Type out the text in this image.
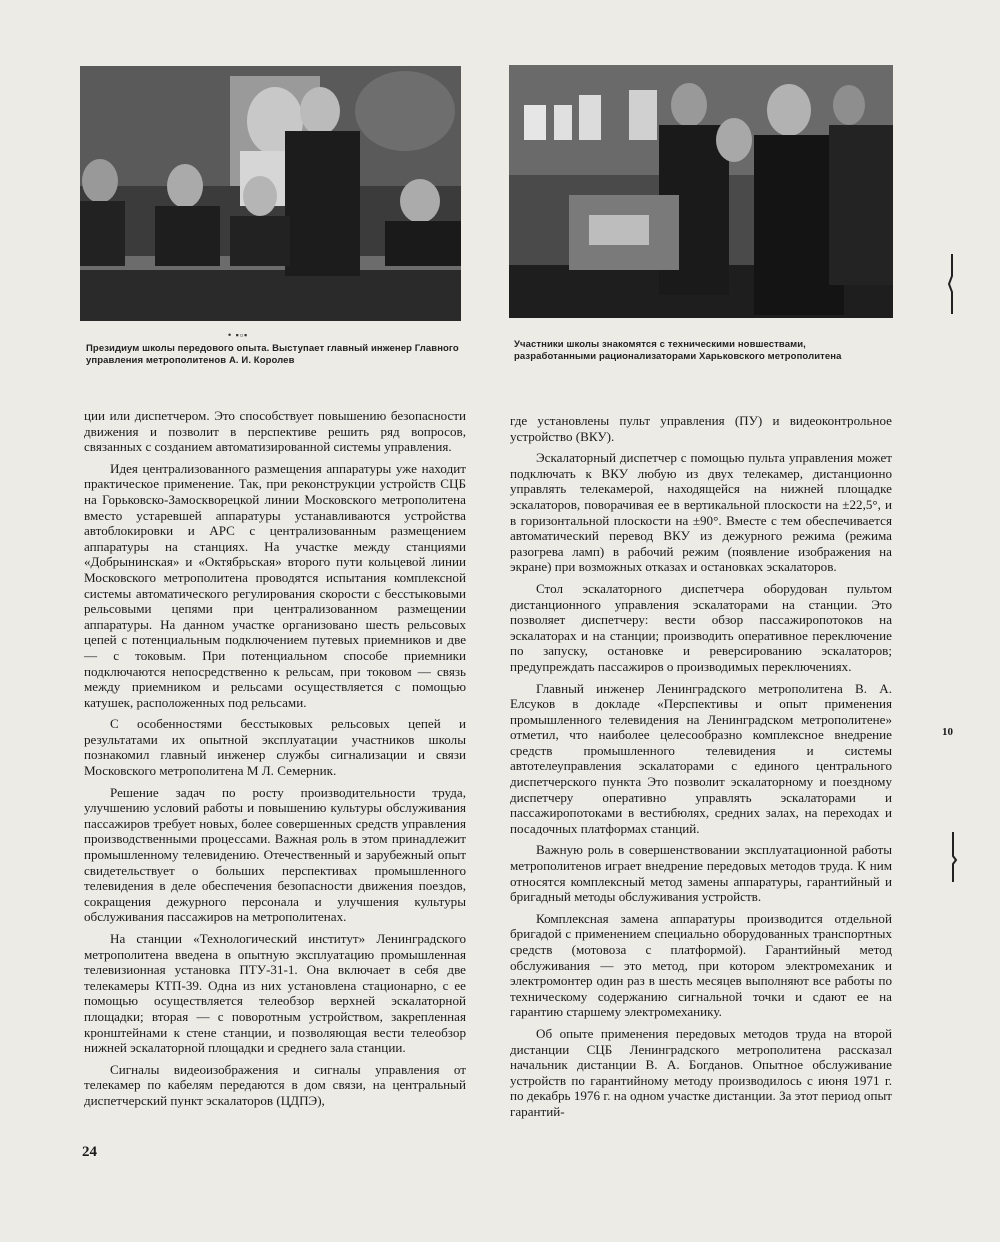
• ▪▫▪
Президиум школы передового опыта. Выступает главный инженер Главного управления метрополитенов А. И. Королев
Участники школы знакомятся с техническими новшествами, разработанными рационализаторами Харьковского метрополитена

ции или диспетчером. Это способствует повышению безопасности движения и позволит в перспективе решить ряд вопросов, связанных с созданием автоматизированной системы управления.

Идея централизованного размещения аппаратуры уже находит практическое применение. Так, при реконструкции устройств СЦБ на Горьковско-Замоскворецкой линии Московского метрополитена вместо устаревшей аппаратуры устанавливаются устройства автоблокировки и АРС с централизованным размещением аппаратуры на станциях. На участке между станциями «Добрынинская» и «Октябрьская» второго пути кольцевой линии Московского метрополитена проводятся испытания комплексной системы автоматического регулирования скорости с бесстыковыми рельсовыми цепями при централизованном размещении аппаратуры. На данном участке организовано шесть рельсовых цепей с потенциальным подключением путевых приемников и две — с токовым. При потенциальном способе приемники подключаются непосредственно к рельсам, при токовом — связь между приемником и рельсами осуществляется с помощью катушек, расположенных под рельсами.

С особенностями бесстыковых рельсовых цепей и результатами их опытной эксплуатации участников школы познакомил главный инженер службы сигнализации и связи Московского метрополитена М Л. Семерник.

Решение задач по росту производительности труда, улучшению условий работы и повышению культуры обслуживания пассажиров требует новых, более совершенных средств управления производственными процессами. Важная роль в этом принадлежит промышленному телевидению. Отечественный и зарубежный опыт свидетельствует о больших перспективах промышленного телевидения в деле обеспечения безопасности движения поездов, сокращения дежурного персонала и улучшения культуры обслуживания пассажиров на метрополитенах.

На станции «Технологический институт» Ленинградского метрополитена введена в опытную эксплуатацию промышленная телевизионная установка ПТУ-31-1. Она включает в себя две телекамеры КТП-39. Одна из них установлена стационарно, с ее помощью осуществляется телеобзор верхней эскалаторной площадки; вторая — с поворотным устройством, закрепленная кронштейнами к стене станции, и позволяющая вести телеобзор нижней эскалаторной площадки и среднего зала станции.

Сигналы видеоизображения и сигналы управления от телекамер по кабелям передаются в дом связи, на центральный диспетчерский пункт эскалаторов (ЦДПЭ),

где установлены пульт управления (ПУ) и видеоконтрольное устройство (ВКУ).

Эскалаторный диспетчер с помощью пульта управления может подключать к ВКУ любую из двух телекамер, дистанционно управлять телекамерой, находящейся на нижней площадке эскалаторов, поворачивая ее в вертикальной плоскости на ±22,5°, и в горизонтальной плоскости на ±90°. Вместе с тем обеспечивается автоматический перевод ВКУ из дежурного режима (режима разогрева ламп) в рабочий режим (появление изображения на экране) при возможных отказах и остановках эскалаторов.

Стол эскалаторного диспетчера оборудован пультом дистанционного управления эскалаторами на станции. Это позволяет диспетчеру: вести обзор пассажиропотоков на эскалаторах и на станции; производить оперативное переключение по запуску, остановке и реверсированию эскалаторов; предупреждать пассажиров о производимых переключениях.

Главный инженер Ленинградского метрополитена В. А. Елсуков в докладе «Перспективы и опыт применения промышленного телевидения на Ленинградском метрополитене» отметил, что наиболее целесообразно комплексное внедрение средств промышленного телевидения и системы автотелеуправления эскалаторами с единого центрального диспетчерского пункта Это позволит эскалаторному и поездному диспетчеру оперативно управлять эскалаторами и пассажиропотоками в вестибюлях, средних залах, на переходах и посадочных платформах станций.

Важную роль в совершенствовании эксплуатационной работы метрополитенов играет внедрение передовых методов труда. К ним относятся комплексный метод замены аппаратуры, гарантийный и бригадный методы обслуживания устройств.

Комплексная замена аппаратуры производится отдельной бригадой с применением специально оборудованных транспортных средств (мотовоза с платформой). Гарантийный метод обслуживания — это метод, при котором электромеханик и электромонтер один раз в шесть месяцев выполняют все работы по техническому содержанию сигнальной точки и сдают ее на гарантию старшему электромеханику.

Об опыте применения передовых методов труда на второй дистанции СЦБ Ленинградского метрополитена рассказал начальник дистанции В. А. Богданов. Опытное обслуживание устройств по гарантийному методу производилось с июня 1971 г. по декабрь 1976 г. на одном участке дистанции. За этот период опыт гарантий-

24
10
